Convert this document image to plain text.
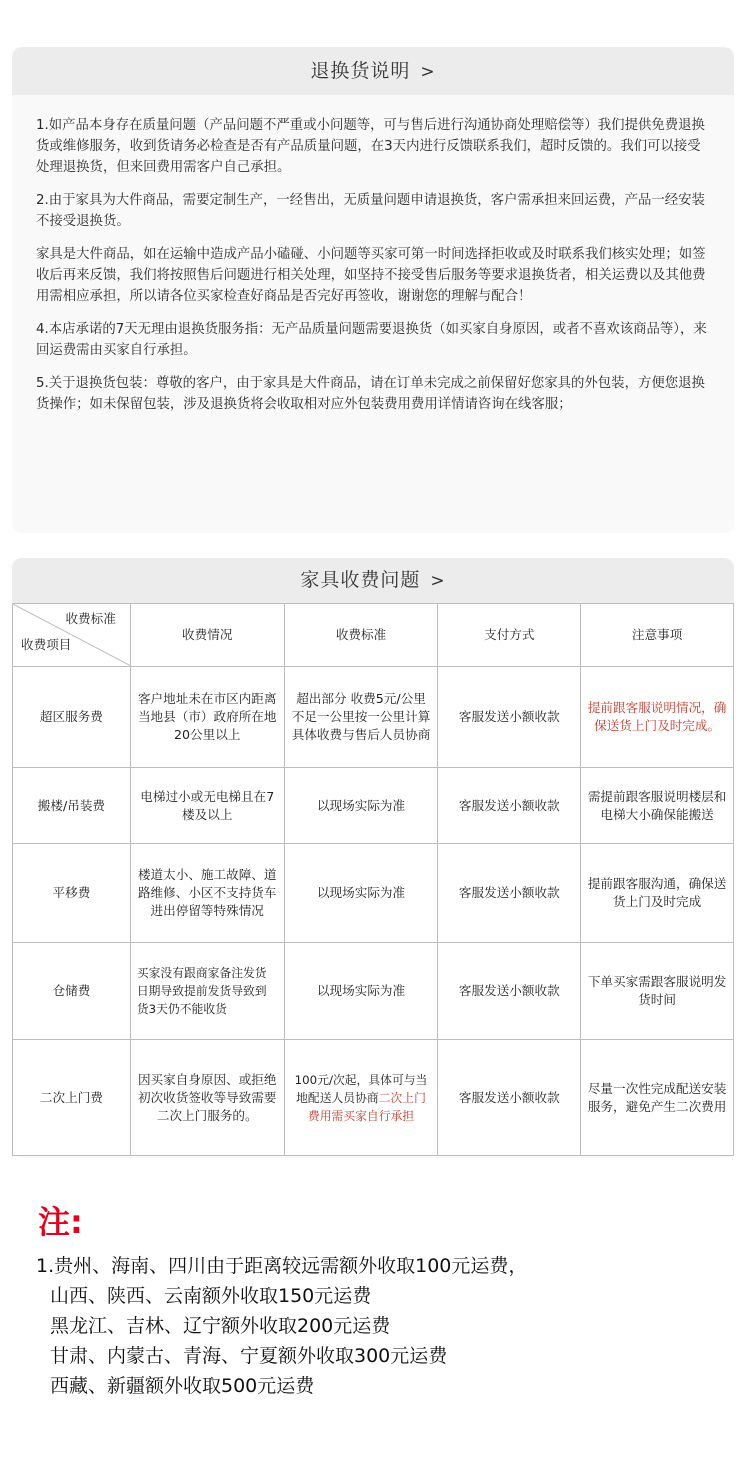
退换货说明 >

1.如产品本身存在质量问题（产品问题不严重或小问题等，可与售后进行沟通协商处理赔偿等）我们提供免费退换货或维修服务，收到货请务必检查是否有产品质量问题，在3天内进行反馈联系我们，超时反馈的。我们可以接受处理退换货，但来回费用需客户自己承担。

2.由于家具为大件商品，需要定制生产，一经售出，无质量问题申请退换货，客户需承担来回运费，产品一经安装不接受退换货。

家具是大件商品，如在运输中造成产品小磕碰、小问题等买家可第一时间选择拒收或及时联系我们核实处理；如签收后再来反馈，我们将按照售后问题进行相关处理，如坚持不接受售后服务等要求退换货者，相关运费以及其他费用需相应承担，所以请各位买家检查好商品是否完好再签收，谢谢您的理解与配合！

4.本店承诺的7天无理由退换货服务指：无产品质量问题需要退换货（如买家自身原因，或者不喜欢该商品等），来回运费需由买家自行承担。

5.关于退换货包装：尊敬的客户，由于家具是大件商品，请在订单未完成之前保留好您家具的外包装，方便您退换货操作；如未保留包装，涉及退换货将会收取相对应外包装费用费用详情请咨询在线客服；

家具收费问题 >
收费标准
收费项目	收费情况	收费标准	支付方式	注意事项
超区服务费	客户地址未在市区内距离当地县（市）政府所在地20公里以上	超出部分 收费5元/公里不足一公里按一公里计算具体收费与售后人员协商	客服发送小额收款	提前跟客服说明情况，确保送货上门及时完成。
搬楼/吊装费	电梯过小或无电梯且在7楼及以上	以现场实际为准	客服发送小额收款	需提前跟客服说明楼层和电梯大小确保能搬送
平移费	楼道太小、施工故障、道路维修、小区不支持货车进出停留等特殊情况	以现场实际为准	客服发送小额收款	提前跟客服沟通，确保送货上门及时完成
仓储费	买家没有跟商家备注发货日期导致提前发货导致到货3天仍不能收货	以现场实际为准	客服发送小额收款	下单买家需跟客服说明发货时间
二次上门费	因买家自身原因、或拒绝初次收货签收等导致需要二次上门服务的。	100元/次起，具体可与当地配送人员协商二次上门费用需买家自行承担	客服发送小额收款	尽量一次性完成配送安装服务，避免产生二次费用
注:
1.贵州、海南、四川由于距离较远需额外收取100元运费，
山西、陕西、云南额外收取150元运费
黑龙江、吉林、辽宁额外收取200元运费
甘肃、内蒙古、青海、宁夏额外收取300元运费
西藏、新疆额外收取500元运费
